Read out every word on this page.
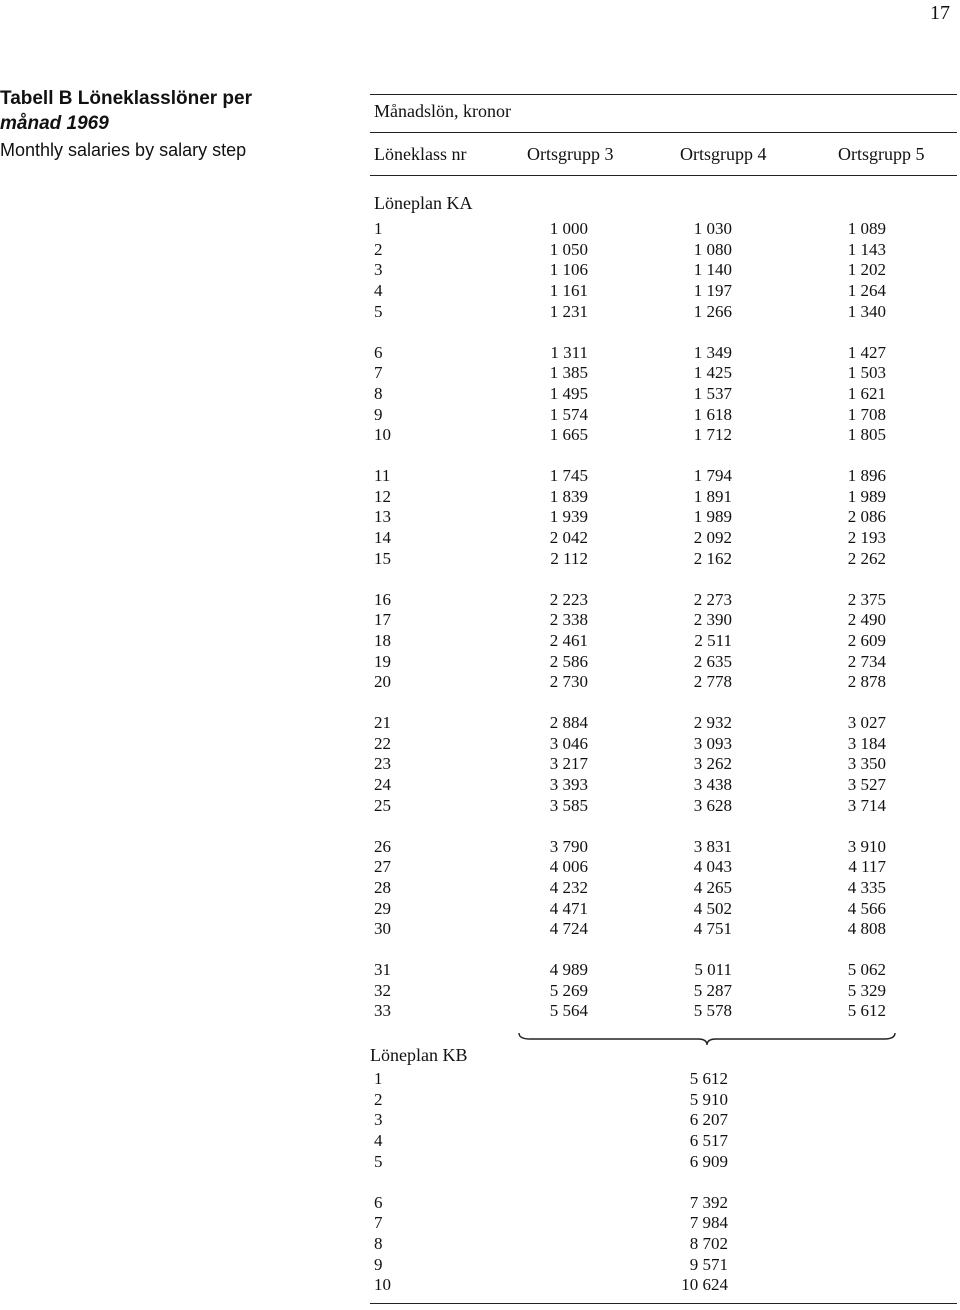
17
Tabell B Löneklasslöner per
månad 1969
Monthly salaries by salary step
Månadslön, kronor
Löneklass nr	Ortsgrupp 3	Ortsgrupp 4	Ortsgrupp 5
Löneplan KA
1	1 000	1 030	1 089
2	1 050	1 080	1 143
3	1 106	1 140	1 202
4	1 161	1 197	1 264
5	1 231	1 266	1 340
6	1 311	1 349	1 427
7	1 385	1 425	1 503
8	1 495	1 537	1 621
9	1 574	1 618	1 708
10	1 665	1 712	1 805
11	1 745	1 794	1 896
12	1 839	1 891	1 989
13	1 939	1 989	2 086
14	2 042	2 092	2 193
15	2 112	2 162	2 262
16	2 223	2 273	2 375
17	2 338	2 390	2 490
18	2 461	2 511	2 609
19	2 586	2 635	2 734
20	2 730	2 778	2 878
21	2 884	2 932	3 027
22	3 046	3 093	3 184
23	3 217	3 262	3 350
24	3 393	3 438	3 527
25	3 585	3 628	3 714
26	3 790	3 831	3 910
27	4 006	4 043	4 117
28	4 232	4 265	4 335
29	4 471	4 502	4 566
30	4 724	4 751	4 808
31	4 989	5 011	5 062
32	5 269	5 287	5 329
33	5 564	5 578	5 612
Löneplan KB
1	5 612
2	5 910
3	6 207
4	6 517
5	6 909
6	7 392
7	7 984
8	8 702
9	9 571
10	10 624
